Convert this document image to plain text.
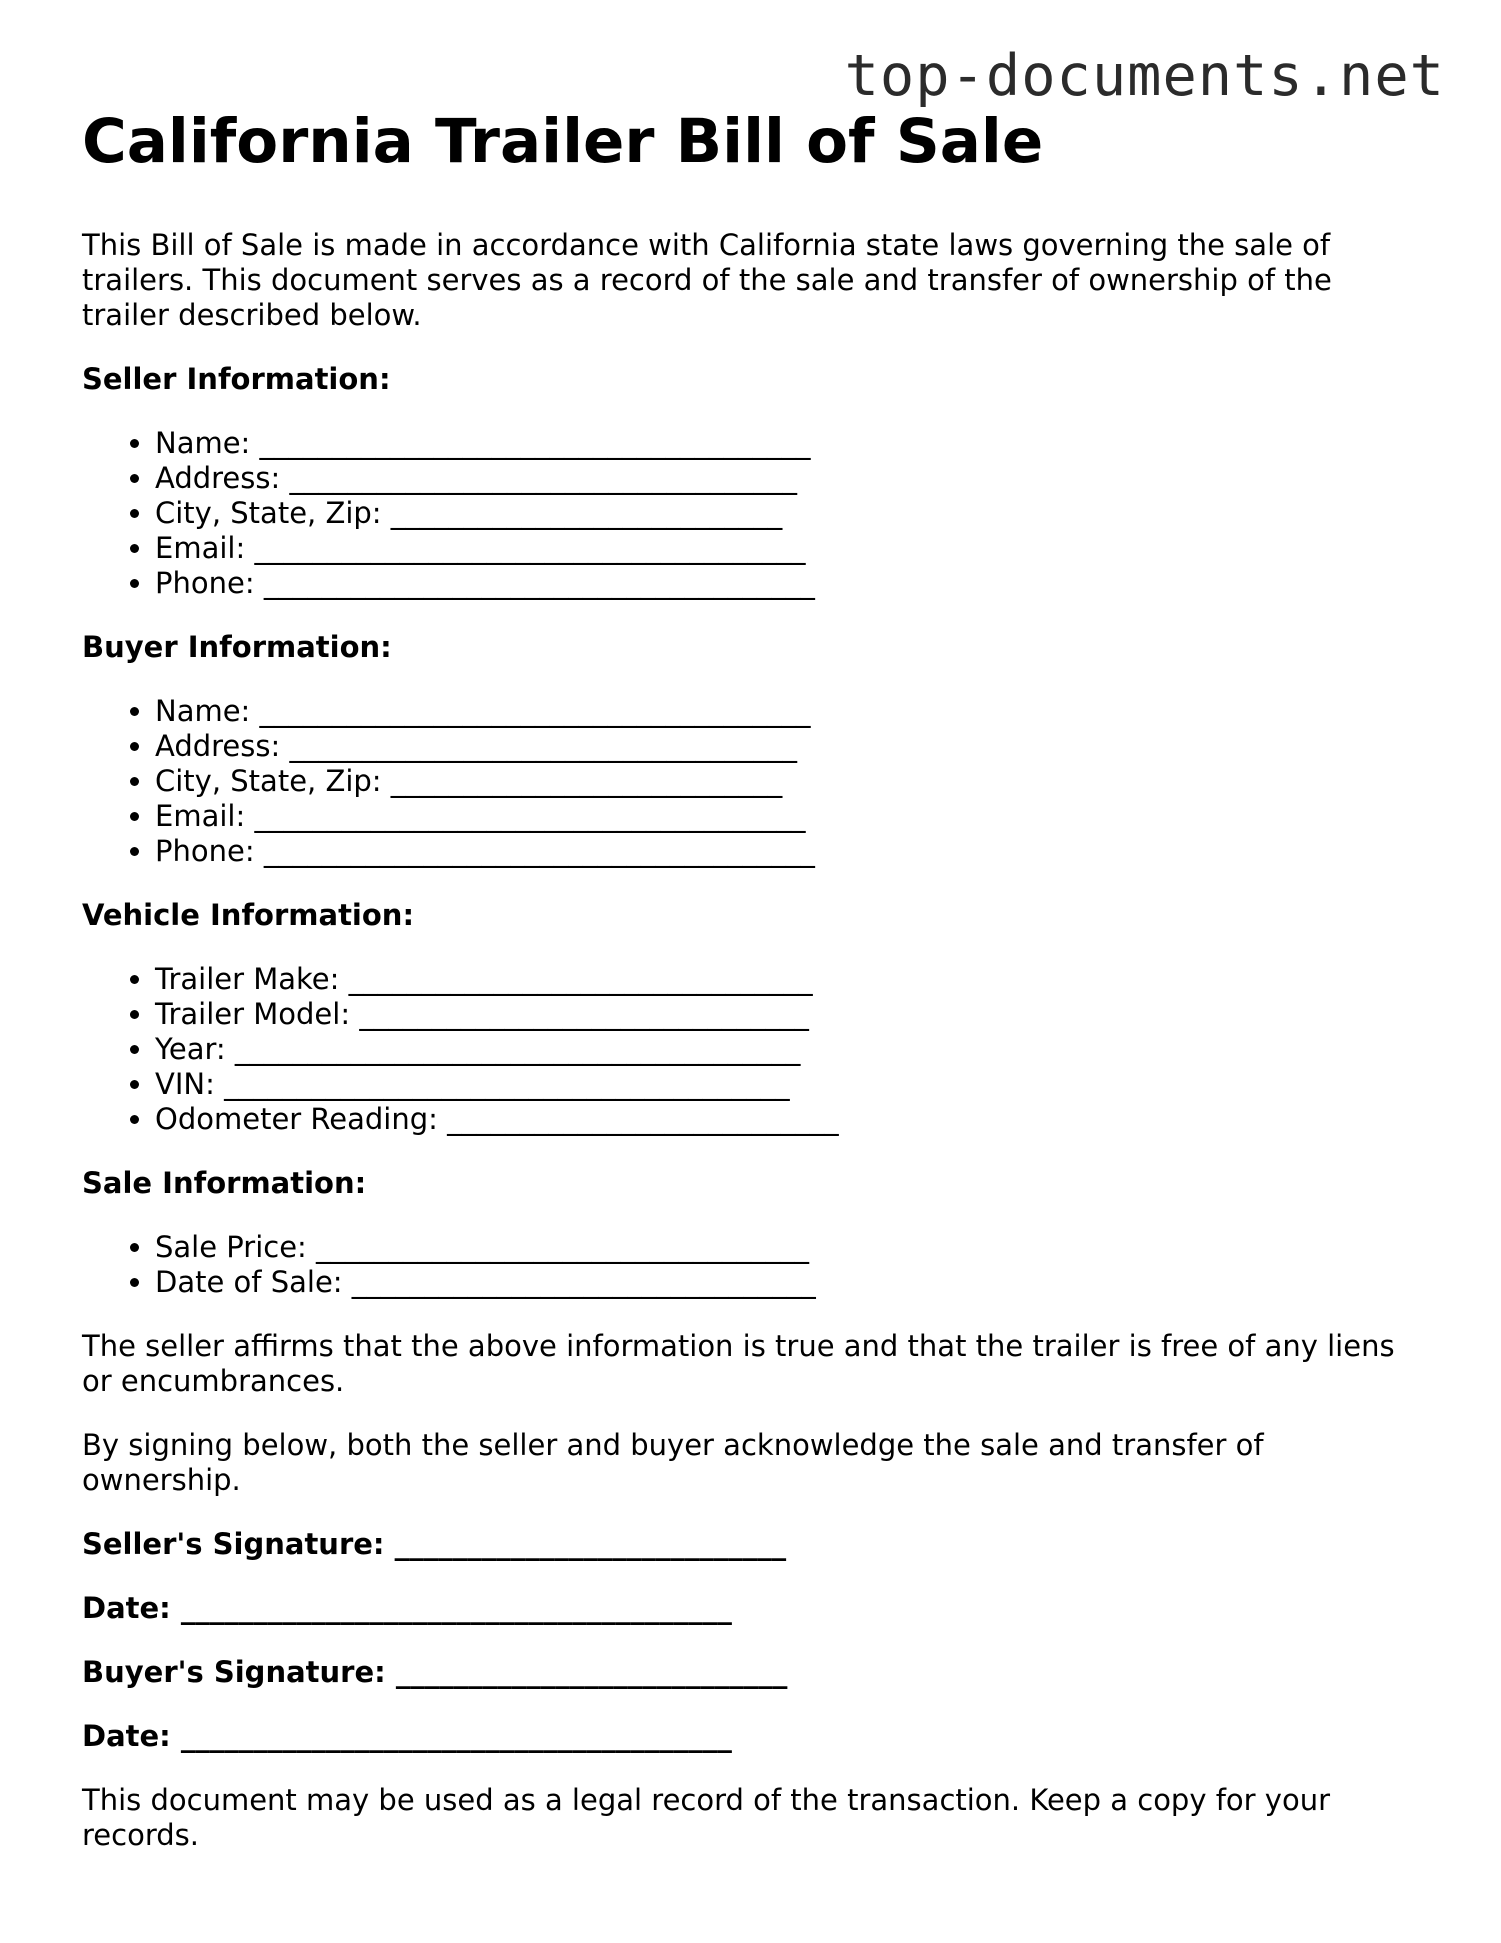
top-documents.net
California Trailer Bill of Sale

This Bill of Sale is made in accordance with California state laws governing the sale of trailers. This document serves as a record of the sale and transfer of ownership of the trailer described below.

Seller Information:
• Name: ______________________________________
• Address: ___________________________________
• City, State, Zip: ___________________________
• Email: ______________________________________
• Phone: ______________________________________
Buyer Information:
• Name: ______________________________________
• Address: ___________________________________
• City, State, Zip: ___________________________
• Email: ______________________________________
• Phone: ______________________________________
Vehicle Information:
• Trailer Make: ________________________________
• Trailer Model: _______________________________
• Year: _______________________________________
• VIN: _______________________________________
• Odometer Reading: ___________________________
Sale Information:
• Sale Price: __________________________________
• Date of Sale: ________________________________

The seller affirms that the above information is true and that the trailer is free of any liens or encumbrances.

By signing below, both the seller and buyer acknowledge the sale and transfer of ownership.

Seller's Signature: ___________________________
Date: ______________________________________
Buyer's Signature: ___________________________
Date: ______________________________________

This document may be used as a legal record of the transaction. Keep a copy for your records.
